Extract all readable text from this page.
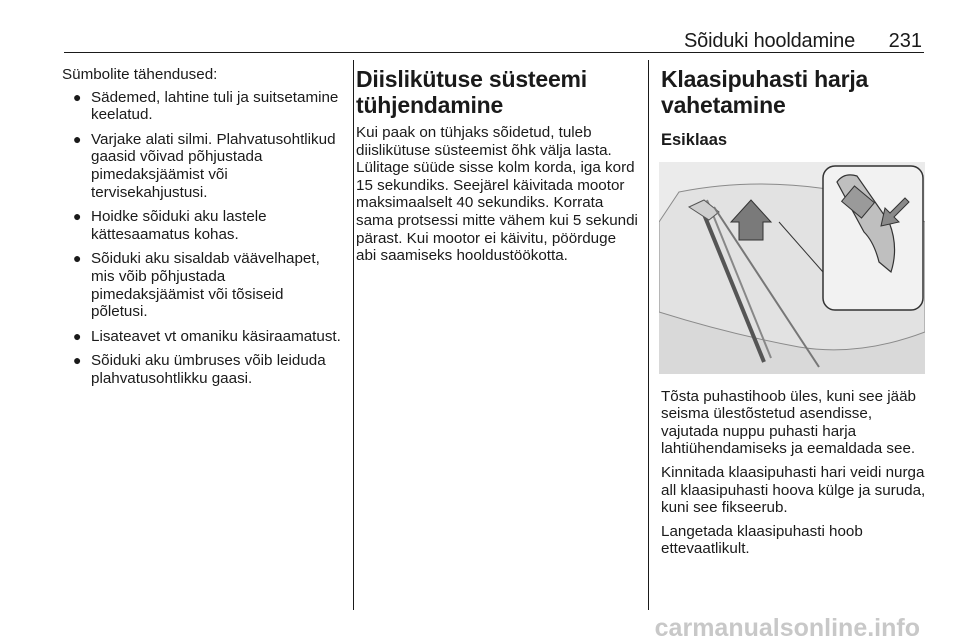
Sõiduki hooldamine 231

Sümbolite tähendused:

● Sädemed, lahtine tuli ja suitsetamine keelatud.
● Varjake alati silmi. Plahvatusohtlikud gaasid võivad põhjustada pimedaksjäämist või tervisekahjustusi.
● Hoidke sõiduki aku lastele kättesaamatus kohas.
● Sõiduki aku sisaldab väävelhapet, mis võib põhjustada pimedaksjäämist või tõsiseid põletusi.
● Lisateavet vt omaniku käsiraamatust.
● Sõiduki aku ümbruses võib leiduda plahvatusohtlikku gaasi.
Diislikütuse süsteemi tühjendamine

Kui paak on tühjaks sõidetud, tuleb diislikütuse süsteemist õhk välja lasta. Lülitage süüde sisse kolm korda, iga kord 15 sekundiks. Seejärel käivitada mootor maksimaalselt 40 sekundiks. Korrata sama protsessi mitte vähem kui 5 sekundi pärast. Kui mootor ei käivitu, pöörduge abi saamiseks hooldustöökotta.

Klaasipuhasti harja vahetamine
Esiklaas

Tõsta puhastihoob üles, kuni see jääb seisma ülestõstetud asendisse, vajutada nuppu puhasti harja lahtiühendamiseks ja eemaldada see.

Kinnitada klaasipuhasti hari veidi nurga all klaasipuhasti hoova külge ja suruda, kuni see fikseerub.

Langetada klaasipuhasti hoob ettevaatlikult.

carmanualsonline.info
